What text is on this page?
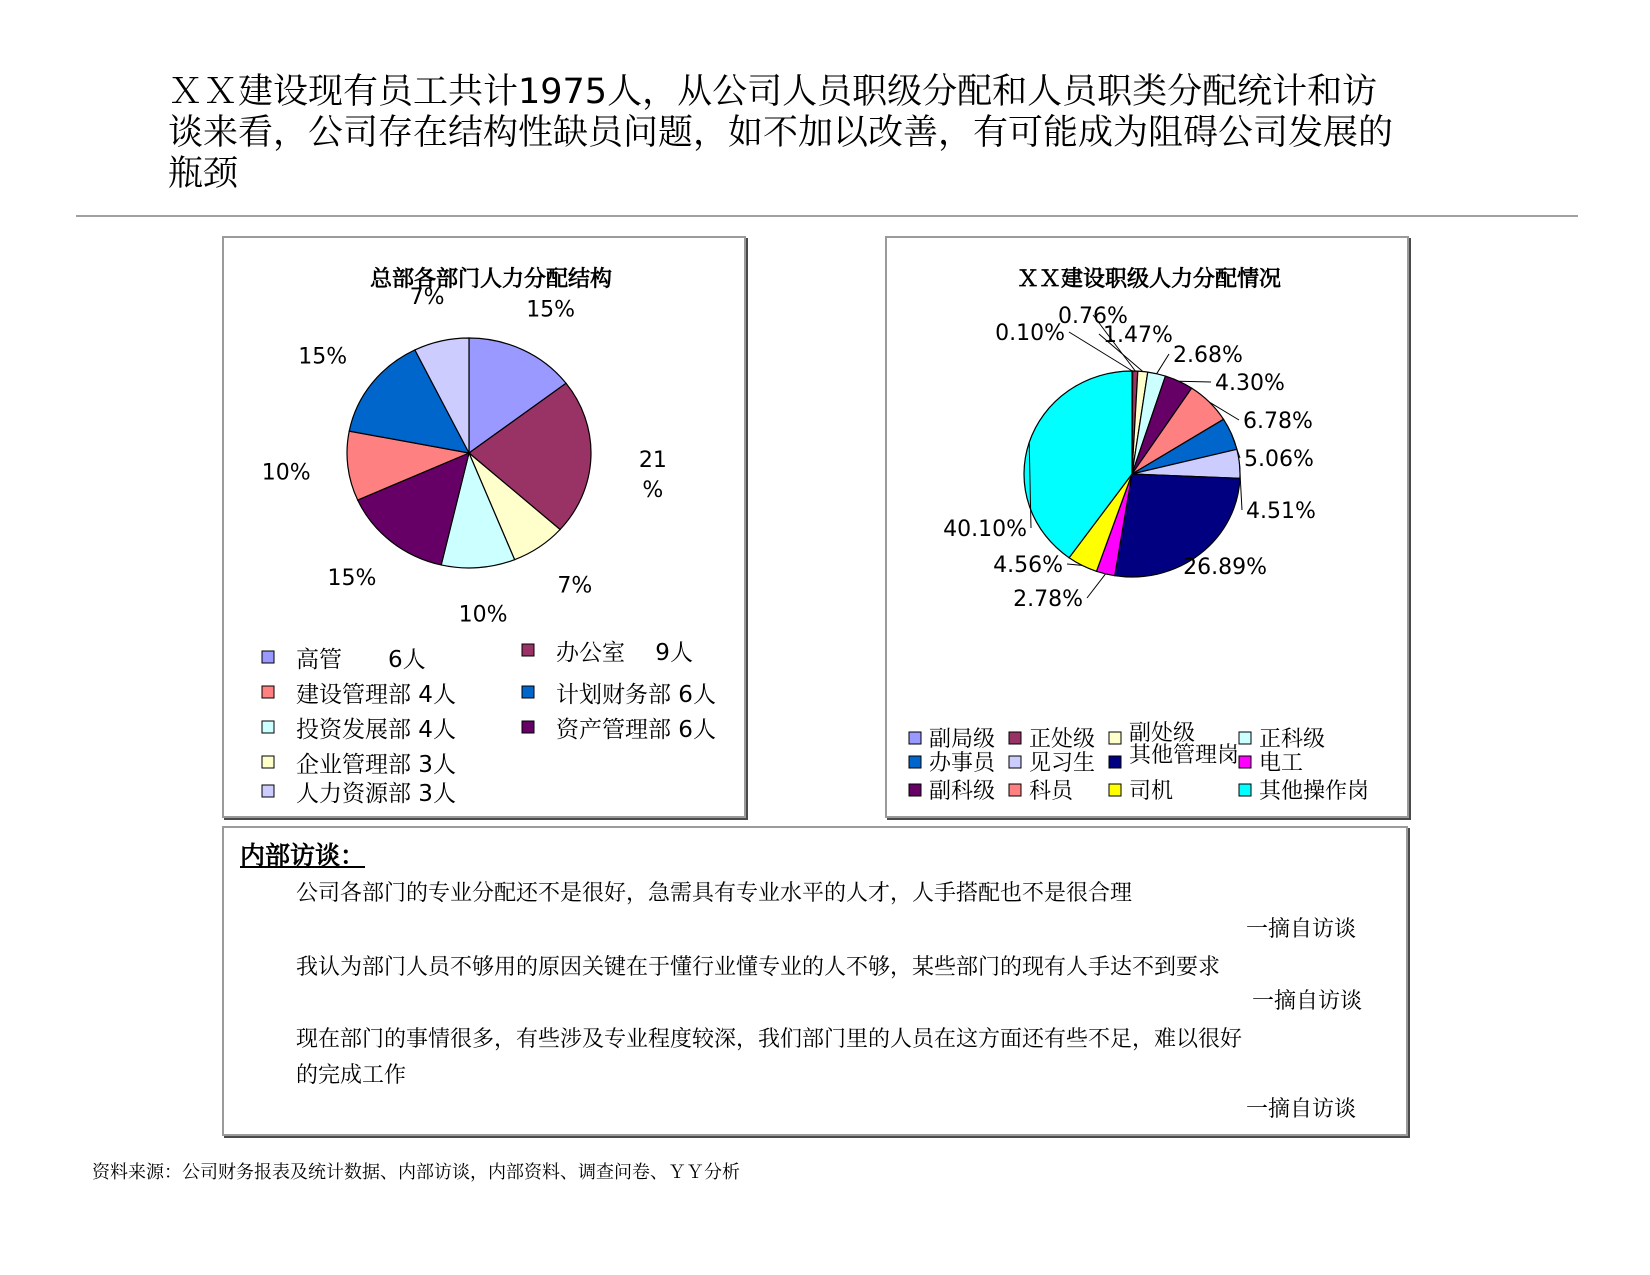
ＸＸ建设现有员工共计1975人，从公司人员职级分配和人员职类分配统计和访
谈来看，公司存在结构性缺员问题，如不加以改善，有可能成为阻碍公司发展的
瓶颈
总部各部门人力分配结构
15%
21 %
7%
10%
15%
10%
15%
7%
高管　　6人	办公室　 9人
建设管理部 4人	计划财务部 6人
投资发展部 4人	资产管理部 6人
企业管理部 3人
人力资源部 3人
ＸＸ建设职级人力分配情况
0.10%
0.76%
1.47%
2.68%
4.30%
6.78%
5.06%
4.51%
26.89%
2.78%
4.56%
40.10%
副局级 正处级 副处级	正科级
办事员 见习生 其他管理岗 电工
副科级 科员	司机	其他操作岗
内部访谈：
公司各部门的专业分配还不是很好，急需具有专业水平的人才，人手搭配也不是很合理
一摘自访谈
我认为部门人员不够用的原因关键在于懂行业懂专业的人不够，某些部门的现有人手达不到要求
一摘自访谈
现在部门的事情很多，有些涉及专业程度较深，我们部门里的人员在这方面还有些不足，难以很好
的完成工作
一摘自访谈
资料来源：公司财务报表及统计数据、内部访谈，内部资料、调查问卷、ＹＹ分析
